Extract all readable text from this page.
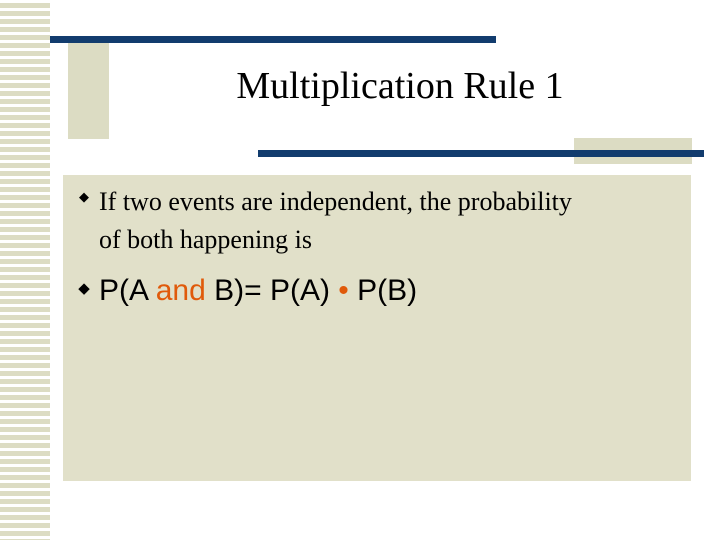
Multiplication Rule 1
◆ If two events are independent, the probability
of both happening is
◆ P(A and B)= P(A) • P(B)
